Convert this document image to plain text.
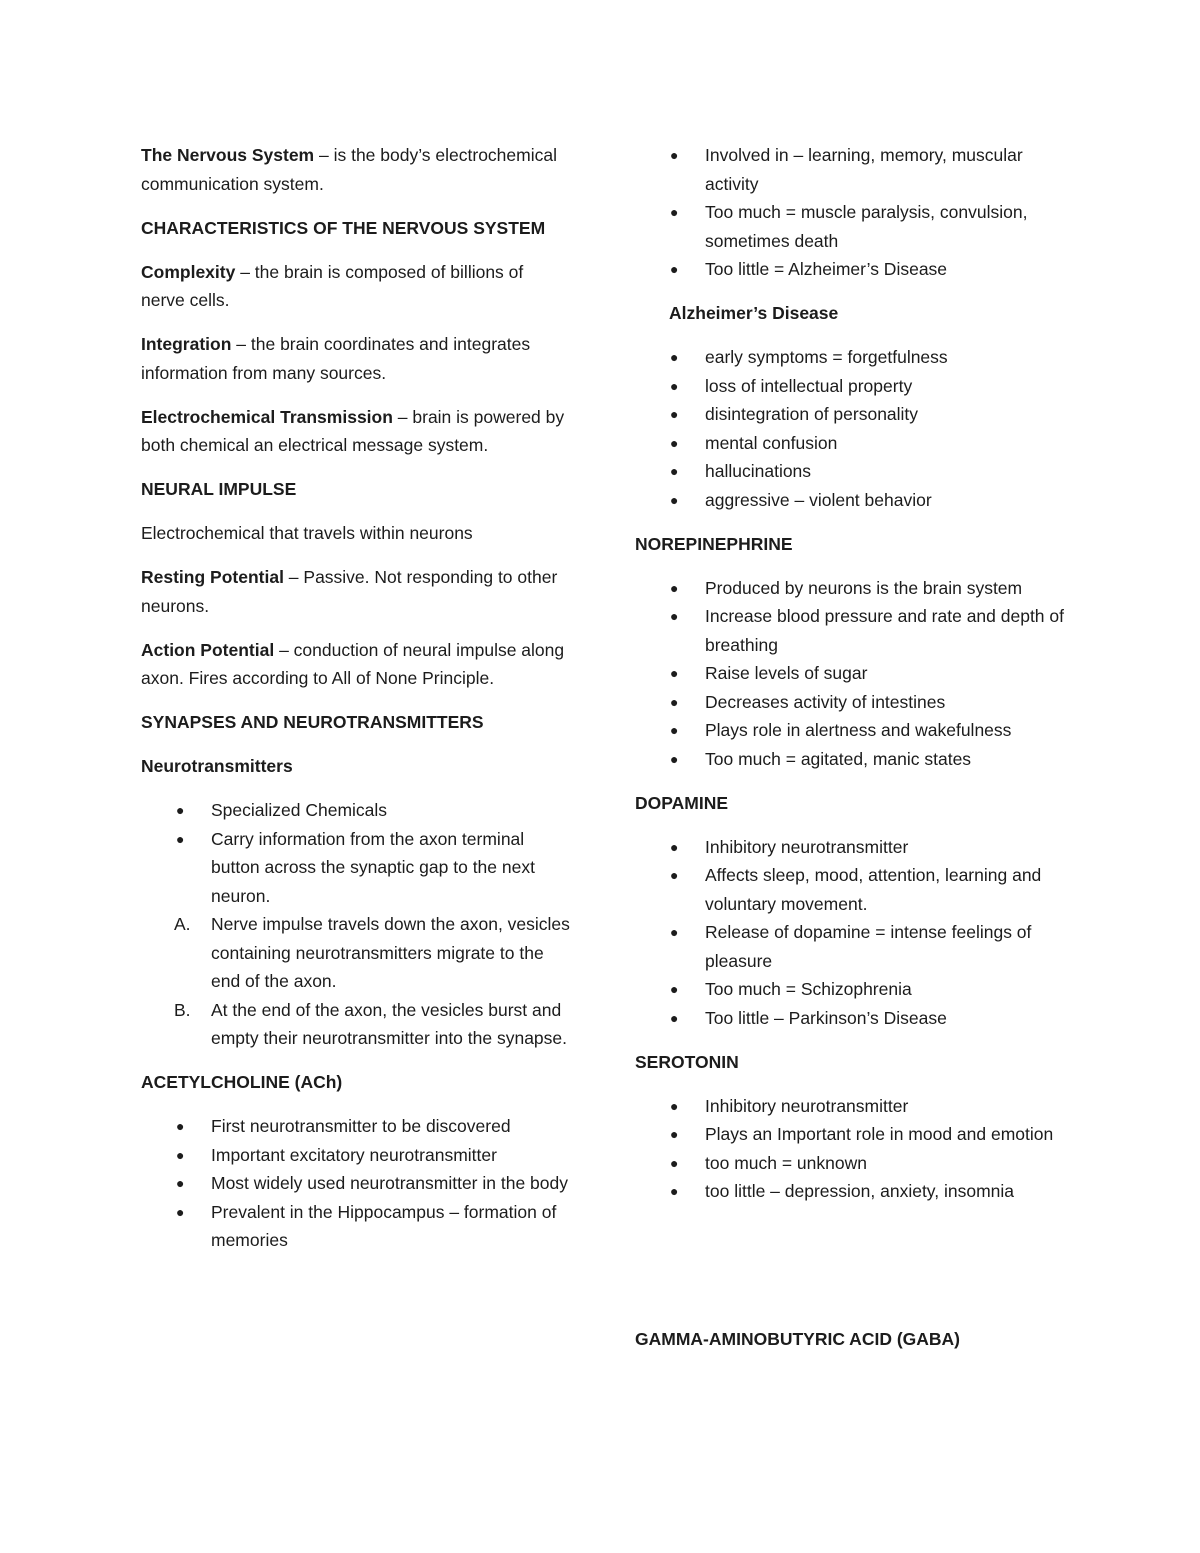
The Nervous System – is the body’s electrochemical communication system.

CHARACTERISTICS OF THE NERVOUS SYSTEM

Complexity – the brain is composed of billions of nerve cells.

Integration – the brain coordinates and integrates information from many sources.

Electrochemical Transmission – brain is powered by both chemical an electrical message system.

NEURAL IMPULSE

Electrochemical that travels within neurons

Resting Potential – Passive. Not responding to other neurons.

Action Potential – conduction of neural impulse along axon. Fires according to All of None Principle.

SYNAPSES AND NEUROTRANSMITTERS

Neurotransmitters

●	Specialized Chemicals
●	Carry information from the axon terminal button across the synaptic gap to the next neuron.
A. Nerve impulse travels down the axon, vesicles containing neurotransmitters migrate to the end of the axon.
B. At the end of the axon, the vesicles burst and empty their neurotransmitter into the synapse.

ACETYLCHOLINE (ACh)

●	First neurotransmitter to be discovered
●	Important excitatory neurotransmitter
●	Most widely used neurotransmitter in the body
●	Prevalent in the Hippocampus – formation of memories
●	Involved in – learning, memory, muscular activity
●	Too much = muscle paralysis, convulsion, sometimes death
●	Too little = Alzheimer’s Disease

Alzheimer’s Disease

●	early symptoms = forgetfulness
●	loss of intellectual property
●	disintegration of personality
●	mental confusion
●	hallucinations
●	aggressive – violent behavior

NOREPINEPHRINE

●	Produced by neurons is the brain system
●	Increase blood pressure and rate and depth of breathing
●	Raise levels of sugar
●	Decreases activity of intestines
●	Plays role in alertness and wakefulness
●	Too much = agitated, manic states

DOPAMINE

●	Inhibitory neurotransmitter
●	Affects sleep, mood, attention, learning and voluntary movement.
●	Release of dopamine = intense feelings of pleasure
●	Too much = Schizophrenia
●	Too little – Parkinson’s Disease

SEROTONIN

●	Inhibitory neurotransmitter
●	Plays an Important role in mood and emotion
●	too much = unknown
●	too little – depression, anxiety, insomnia

GAMMA-AMINOBUTYRIC ACID (GABA)
